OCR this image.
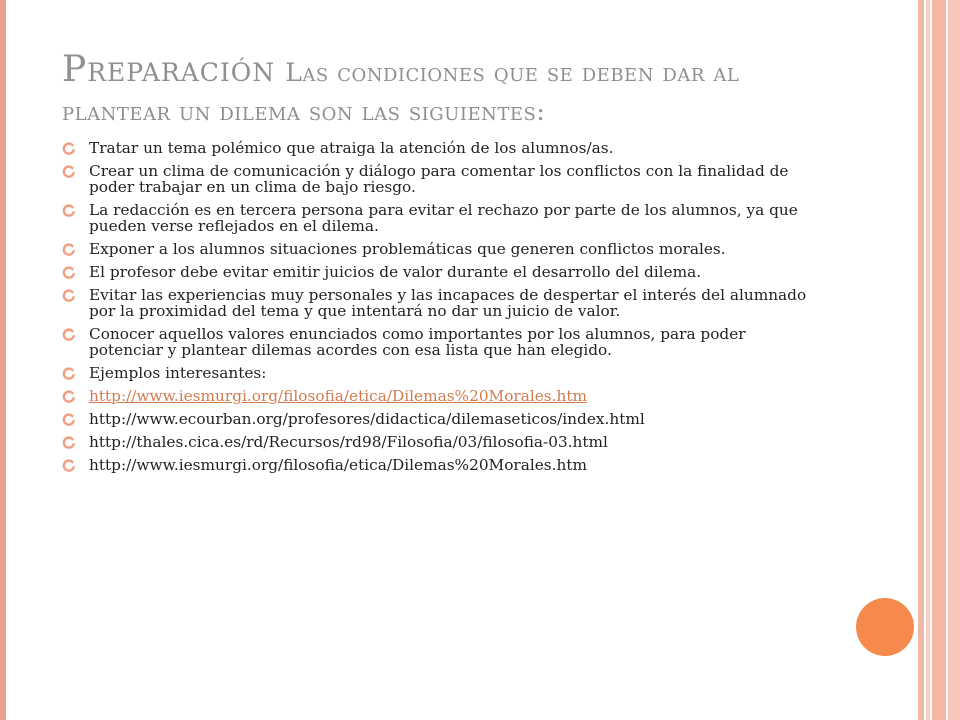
Preparación Las condiciones que se deben dar al plantear un dilema son las siguientes:
Tratar un tema polémico que atraiga la atención de los alumnos/as.
Crear un clima de comunicación y diálogo para comentar los conflictos con la finalidad de poder trabajar en un clima de bajo riesgo.
La redacción es en tercera persona para evitar el rechazo por parte de los alumnos, ya que pueden verse reflejados en el dilema.
Exponer a los alumnos situaciones problemáticas que generen conflictos morales.
El profesor debe evitar emitir juicios de valor durante el desarrollo del dilema.
Evitar las experiencias muy personales y las incapaces de despertar el interés del alumnado por la proximidad del tema y que intentará no dar un juicio de valor.
Conocer aquellos valores enunciados como importantes por los alumnos, para poder potenciar y plantear dilemas acordes con esa lista que han elegido.
Ejemplos interesantes:
http://www.iesmurgi.org/filosofia/etica/Dilemas%20Morales.htm
http://www.ecourban.org/profesores/didactica/dilemaseticos/index.html
http://thales.cica.es/rd/Recursos/rd98/Filosofia/03/filosofia-03.html
http://www.iesmurgi.org/filosofia/etica/Dilemas%20Morales.htm
